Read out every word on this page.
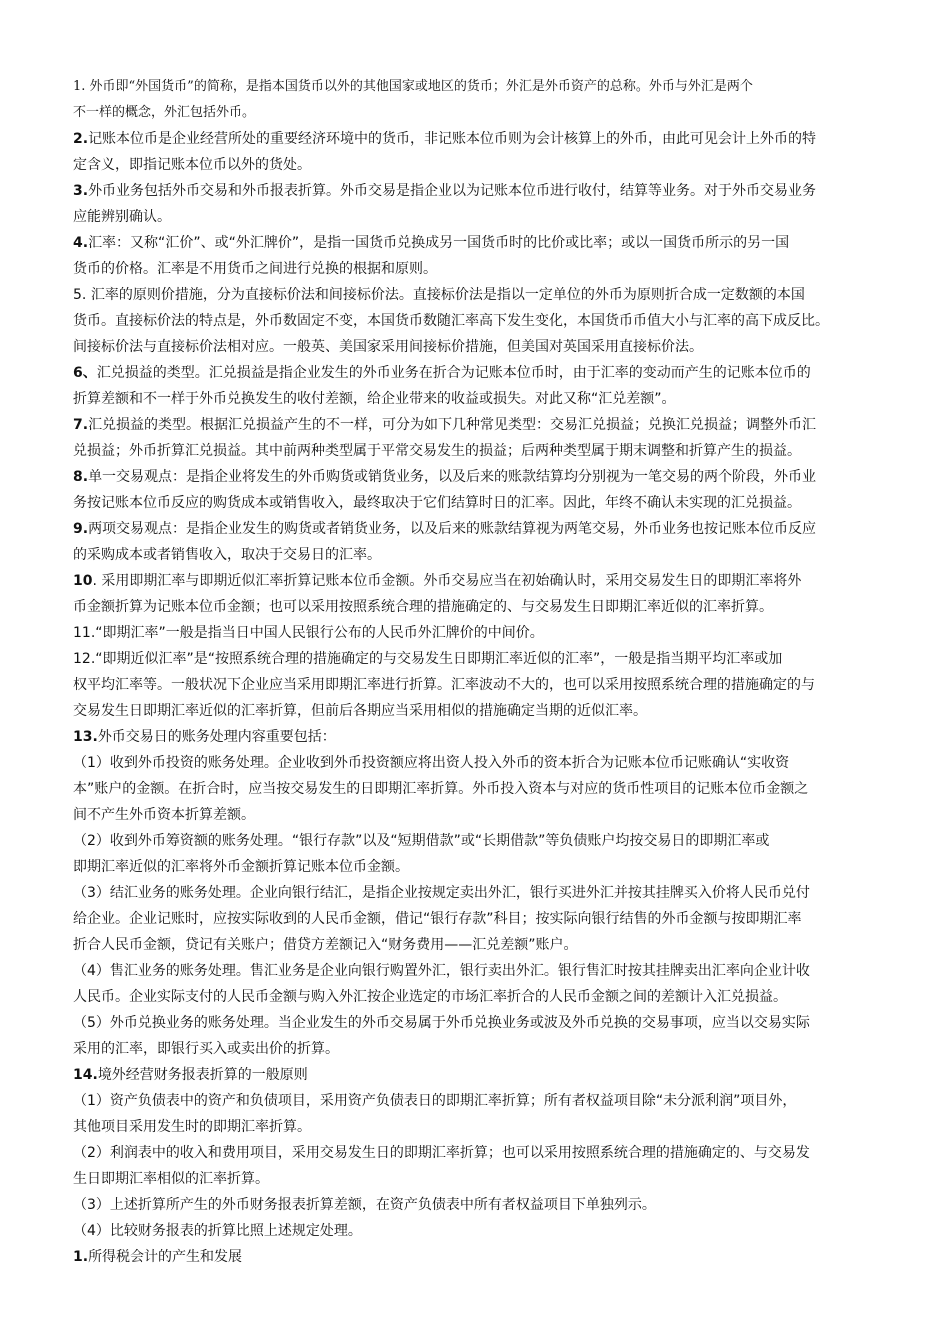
1. 外币即“外国货币”的简称，是指本国货币以外的其他国家或地区的货币；外汇是外币资产的总称。外币与外汇是两个
不一样的概念，外汇包括外币。
2.记账本位币是企业经营所处的重要经济环境中的货币，非记账本位币则为会计核算上的外币，由此可见会计上外币的特
定含义，即指记账本位币以外的货处。
3.外币业务包括外币交易和外币报表折算。外币交易是指企业以为记账本位币进行收付，结算等业务。对于外币交易业务
应能辨别确认。
4.汇率：又称“汇价”、或“外汇牌价”，是指一国货币兑换成另一国货币时的比价或比率；或以一国货币所示的另一国
货币的价格。汇率是不用货币之间进行兑换的根据和原则。
5. 汇率的原则价措施，分为直接标价法和间接标价法。直接标价法是指以一定单位的外币为原则折合成一定数额的本国
货币。直接标价法的特点是，外币数固定不变，本国货币数随汇率高下发生变化，本国货币币值大小与汇率的高下成反比。
间接标价法与直接标价法相对应。一般英、美国家采用间接标价措施，但美国对英国采用直接标价法。
6、汇兑损益的类型。汇兑损益是指企业发生的外币业务在折合为记账本位币时，由于汇率的变动而产生的记账本位币的
折算差额和不一样于外币兑换发生的收付差额，给企业带来的收益或损失。对此又称“汇兑差额”。
7.汇兑损益的类型。根据汇兑损益产生的不一样，可分为如下几种常见类型：交易汇兑损益；兑换汇兑损益；调整外币汇
兑损益；外币折算汇兑损益。其中前两种类型属于平常交易发生的损益；后两种类型属于期末调整和折算产生的损益。
8.单一交易观点：是指企业将发生的外币购货或销货业务，以及后来的账款结算均分别视为一笔交易的两个阶段，外币业
务按记账本位币反应的购货成本或销售收入，最终取决于它们结算时日的汇率。因此，年终不确认未实现的汇兑损益。
9.两项交易观点：是指企业发生的购货或者销货业务，以及后来的账款结算视为两笔交易，外币业务也按记账本位币反应
的采购成本或者销售收入，取决于交易日的汇率。
10. 采用即期汇率与即期近似汇率折算记账本位币金额。外币交易应当在初始确认时，采用交易发生日的即期汇率将外
币金额折算为记账本位币金额；也可以采用按照系统合理的措施确定的、与交易发生日即期汇率近似的汇率折算。
11.“即期汇率”一般是指当日中国人民银行公布的人民币外汇牌价的中间价。
12.“即期近似汇率”是“按照系统合理的措施确定的与交易发生日即期汇率近似的汇率”，一般是指当期平均汇率或加
权平均汇率等。一般状况下企业应当采用即期汇率进行折算。汇率波动不大的，也可以采用按照系统合理的措施确定的与
交易发生日即期汇率近似的汇率折算，但前后各期应当采用相似的措施确定当期的近似汇率。
13.外币交易日的账务处理内容重要包括：
（1）收到外币投资的账务处理。企业收到外币投资额应将出资人投入外币的资本折合为记账本位币记账确认“实收资
本”账户的金额。在折合时，应当按交易发生的日即期汇率折算。外币投入资本与对应的货币性项目的记账本位币金额之
间不产生外币资本折算差额。
（2）收到外币筹资额的账务处理。“银行存款”以及“短期借款”或“长期借款”等负债账户均按交易日的即期汇率或
即期汇率近似的汇率将外币金额折算记账本位币金额。
（3）结汇业务的账务处理。企业向银行结汇，是指企业按规定卖出外汇，银行买进外汇并按其挂牌买入价将人民币兑付
给企业。企业记账时，应按实际收到的人民币金额，借记“银行存款”科目；按实际向银行结售的外币金额与按即期汇率
折合人民币金额，贷记有关账户；借贷方差额记入“财务费用——汇兑差额”账户。
（4）售汇业务的账务处理。售汇业务是企业向银行购置外汇，银行卖出外汇。银行售汇时按其挂牌卖出汇率向企业计收
人民币。企业实际支付的人民币金额与购入外汇按企业选定的市场汇率折合的人民币金额之间的差额计入汇兑损益。
（5）外币兑换业务的账务处理。当企业发生的外币交易属于外币兑换业务或波及外币兑换的交易事项，应当以交易实际
采用的汇率，即银行买入或卖出价的折算。
14.境外经营财务报表折算的一般原则
（1）资产负债表中的资产和负债项目，采用资产负债表日的即期汇率折算；所有者权益项目除“未分派利润”项目外，
其他项目采用发生时的即期汇率折算。
（2）利润表中的收入和费用项目，采用交易发生日的即期汇率折算；也可以采用按照系统合理的措施确定的、与交易发
生日即期汇率相似的汇率折算。
（3）上述折算所产生的外币财务报表折算差额，在资产负债表中所有者权益项目下单独列示。
（4）比较财务报表的折算比照上述规定处理。
1.所得税会计的产生和发展
